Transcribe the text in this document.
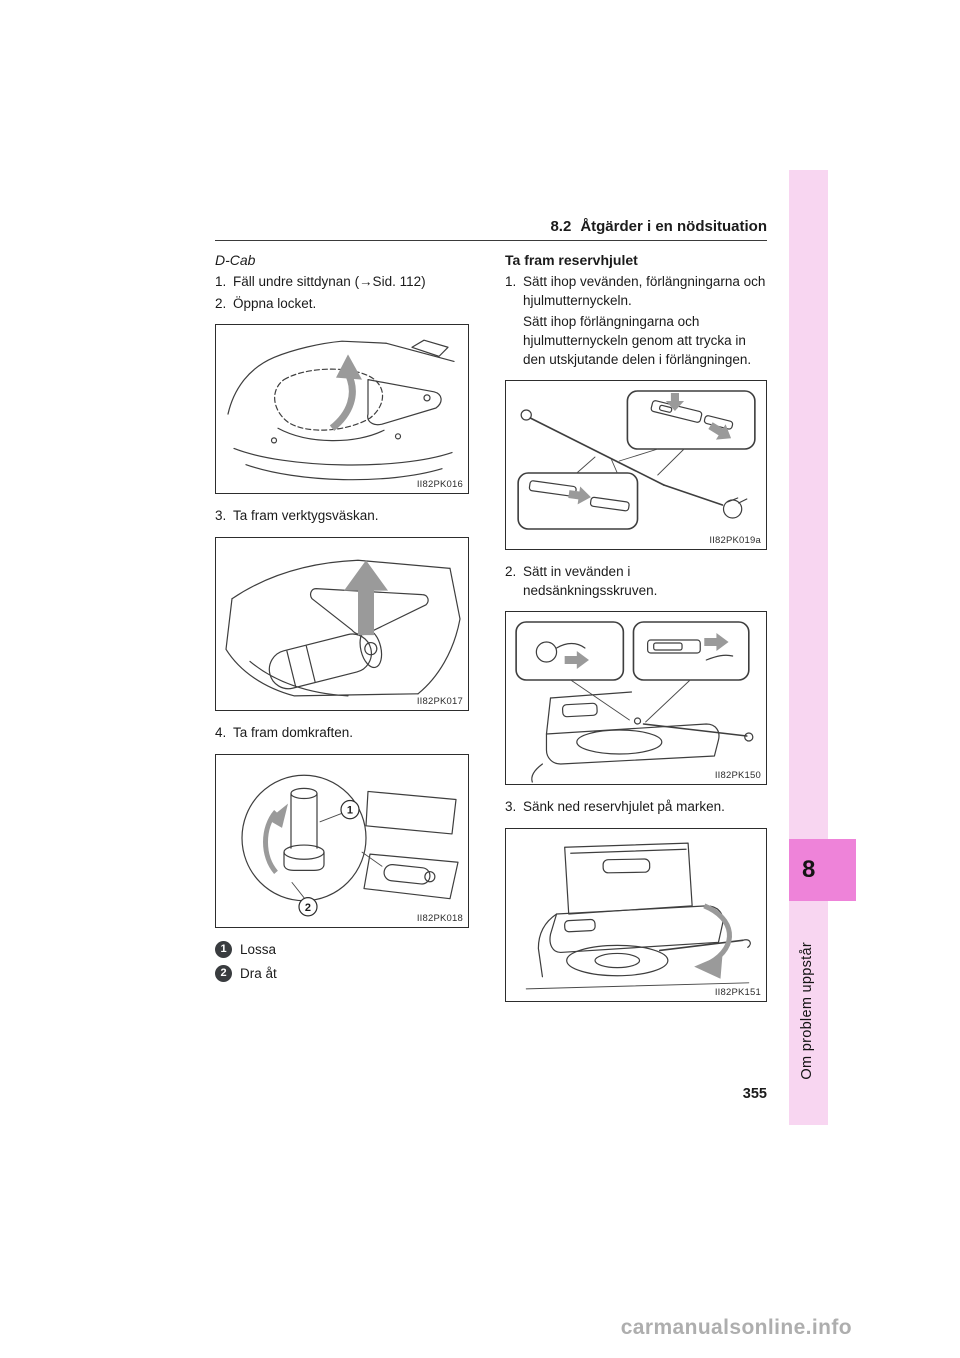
8.2 Åtgärder i en nödsituation
D-Cab
1. Fäll undre sittdynan (→Sid. 112)
2. Öppna locket.
II82PK016
3. Ta fram verktygsväskan.
II82PK017
4. Ta fram domkraften.
1
2
II82PK018
1 Lossa
2 Dra åt
Ta fram reservhjulet
1. Sätt ihop vevänden, förlängningarna och hjulmutternyckeln.
Sätt ihop förlängningarna och hjulmutternyckeln genom att trycka in den utskjutande delen i förlängningen.
II82PK019a
2. Sätt in vevänden i nedsänkningsskruven.
II82PK150
3. Sänk ned reservhjulet på marken.
II82PK151
355
8
Om problem uppstår
carmanualsonline.info
